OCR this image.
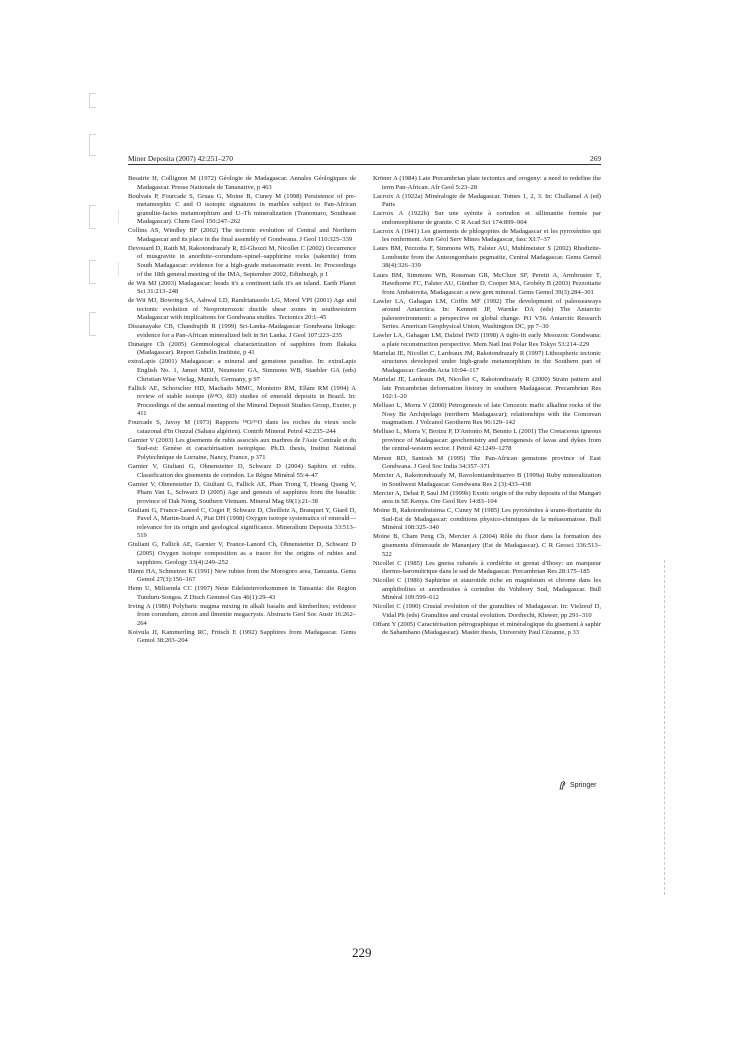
Miner Deposita (2007) 42:251–270	269

Besairie H, Collignon M (1972) Géologie de Madagascar. Annales Géologiques de Madagascar. Presse Nationale de Tananarive, p 463

Boulvais P, Fourcade S, Gruau G, Moine B, Cuney M (1998) Persistence of pre-metamorphic C and O isotopic signatures in marbles subject to Pan-African granulite-facies metamorphism and U–Th mineralization (Tranomaro, Southeast Madagascar). Chem Geol 150:247–262

Collins AS, Windley BF (2002) The tectonic evolution of Central and Northern Madagascar and its place in the final assembly of Gondwana. J Geol 110:325–339

Devouard D, Raith M, Rakotondrazafy R, El-Ghozzi M, Nicollet C (2002) Occurrence of musgravite in anorthite–corundum–spinel–sapphirine rocks (sakenite) from South Madagascar: evidence for a high-grade metasomatic event. In: Proceedings of the 18th general meeting of the IMA, September 2002, Edinburgh, p 1

de Wit MJ (2003) Madagascar: heads it's a continent tails it's an island. Earth Planet Sci 31:213–248

de Wit MJ, Bowring SA, Ashwal LD, Randrianasolo LG, Morel VPI (2001) Age and tectonic evolution of Neoproterozoic ductile shear zones in southwestern Madagascar with implications for Gondwana studies. Tectonics 20:1–45

Dissanayake CB, Chandrajith R (1999) Sri-Lanka–Madagascar Gondwana linkage: evidence for a Pan-African mineralized belt in Sri Lanka. J Geol 107:223–235

Dunaigre Ch (2005) Gemmological characterization of sapphires from Ilakaka (Madagascar). Report Gubelin Institute, p 41

extraLapis (2001) Madagascar: a mineral and gemstone paradise. In: extraLapis English No. 1, Jamot MDJ, Neumeier GA, Simmons WB, Staebler GA (eds) Christian Wise Verlag, Munich, Germany, p 97

Fallick AE, Schorscher HD, Machado MMC, Monteiro RM, Ellam RM (1994) A review of stable isotope (δ¹⁸O, δD) studies of emerald deposits in Brazil. In: Proceedings of the annual meeting of the Mineral Deposit Studies Group, Exeter, p 411

Fourcade S, Javoy M (1973) Rapports ¹⁸O/¹⁶O dans les roches du vieux socle catazonal d'In Ouzzal (Sahara algérien). Contrib Mineral Petrol 42:235–244

Garnier V (2003) Les gisements de rubis associés aux marbres de l'Asie Centrale et du Sud-est: Genèse et caractérisation isotopique. Ph.D. thesis, Institut National Polytechnique de Lorraine, Nancy, France, p 371

Garnier V, Giuliani G, Ohnenstetter D, Schwarz D (2004) Saphirs et rubis. Classification des gisements de corindon. Le Règne Minéral 55:4–47

Garnier V, Ohnenstetter D, Giuliani G, Fallick AE, Phan Trong T, Hoang Quang V, Pham Van L, Schwarz D (2005) Age and genesis of sapphires from the basaltic province of Dak Nong, Southern Vietnam. Mineral Mag 69(1):21–38

Giuliani G, France-Lanord C, Coget P, Schwarz D, Cheilletz A, Branquet Y, Giard D, Pavel A, Martin-Izard A, Piat DH (1998) Oxygen isotope systematics of emerald—relevance for its origin and geological significance. Mineralium Deposita 33:513–519

Giuliani G, Fallick AE, Garnier V, France-Lanord Ch, Ohnenstetter D, Schwarz D (2005) Oxygen isotope composition as a tracer for the origins of rubies and sapphires. Geology 33(4):249–252

Hänni HA, Schmetzer K (1991) New rubies from the Morogoro area, Tanzania. Gems Gemol 27(3):156–167

Henn U, Milisenda CC (1997) Neue Edelsteinvorkommen in Tansania: die Region Tunduru-Songea. Z Dtsch Gemmol Ges 46(1):29–43

Irving A (1986) Polybaric magma mixing in alkali basalts and kimberlites; evidence from corundum, zircon and ilmenite megacrysts. Abstracts Geol Soc Austr 16:262–264

Koivula JI, Kammerling RC, Fritsch E (1992) Sapphires from Madagascar. Gems Gemol 38:203–204

Kröner A (1984) Late Precambrian plate tectonics and orogeny: a need to redefine the term Pan-African. Afr Geol 5:23–28

Lacroix A (1922a) Minéralogie de Madagascar. Tomes 1, 2, 3. In: Challamel A (ed) Paris

Lacroix A (1922b) Sur une syénite à corindon et sillimanite formée par endomorphisme de granite. C R Acad Sci 174:899–904

Lacroix A (1941) Les gisements de phlogopites de Madagascar et les pyroxénites qui les renferment. Ann Géol Serv Mines Madagascar, fasc XI:7–37

Laurs BM, Pezzotta F, Simmons WB, Falster AU, Muhlmeister S (2002) Rhodizite-Londonite from the Antsongombato pegmatite, Central Madagascar. Gems Gemol 38(4):326–339

Laurs BM, Simmons WB, Rossman GR, McClure SF, Peretti A, Armbruster T, Hawthorne FC, Falster AU, Günther D, Cooper MA, Grobéty B (2003) Pezzottaite from Ambatovita, Madagascar: a new gem mineral. Gems Gemol 39(3):284–301

Lawler LA, Gahagan LM, Coffin MF (1992) The development of paleoseaways around Antarctica. In: Kennett JP, Warnke DA (eds) The Antarctic paleoenvironment: a perspective on global change. Pt1 V56. Antarctic Research Series. American Geophysical Union, Washington DC, pp 7–30

Lawler LA, Gahagan LM, Dalziel IWD (1998) A tight-fit early Mesozoic Gondwana: a plate reconstruction perspective. Mem Natl Inst Polar Res Tokyo 53:214–229

Martelat JE, Nicollet C, Lardeaux JM, Rakotondrazafy R (1997) Lithospheric tectonic structures developed under high-grade metamorphism in the Southern part of Madagascar. Geodin Acta 10:94–117

Martelat JE, Lardeaux JM, Nicollet C, Rakotondrazafy R (2000) Strain pattern and late Precambrian deformation history in southern Madagascar. Precambrian Res 102:1–20

Melluso L, Morra V (2000) Petrogenesis of late Cenozoic mafic alkaline rocks of the Nosy Be Archipelago (northern Madagascar); relationships with the Comorean magmatism. J Volcanol Geotherm Res 96:129–142

Melluso L, Morra V, Brotzu P, D'Antonio M, Bennio L (2001) The Cretaceous igneous province of Madagascar: geochemistry and petrogenesis of lavas and dykes from the central-western sector. J Petrol 42:1249–1278

Menon RD, Santosh M (1995) The Pan-African gemstone province of East Gondwana. J Geol Soc India 34:357–371

Mercier A, Rakotondrazafy M, Ravolomiandrinarivo B (1999a) Ruby mineralization in Southwest Madagascar. Gondwana Res 2 (3):433–438

Mercier A, Debat P, Saul JM (1999b) Exotic origin of the ruby deposits of the Mangari area in SE Kenya. Ore Geol Rev 14:83–104

Moine B, Rakotondratsima C, Cuney M (1985) Les pyroxénites à urano-thorianite du Sud-Est de Madagascar: conditions physico-chimiques de la métasomatose. Bull Minéral 108:325–340

Moine B, Cham Peng Ch, Mercier A (2004) Rôle du fluor dans la formation des gisements d'émeraude de Mananjary (Est de Madagascar). C R Geosci 336:513–522

Nicollet C (1985) Les gneiss rubanés à cordiérite et grenat d'Ihosy: un marqueur thermo-barométrique dans le sud de Madagascar. Precambrian Res 28:175–185

Nicollet C (1986) Saphirine et staurotide riche en magnésium et chrome dans les amphibolites et anorthosites à corindon du Vohibory Sud, Madagascar. Bull Minéral 109:599–612

Nicollet C (1990) Crustal evolution of the granulites of Madagascar. In: Vielzeuf D, Vidal Ph (eds) Granulites and crustal evolution. Dordrecht, Kluwer, pp 291–310

Offant Y (2005) Caractérisation pétrographique et minéralogique du gisement à saphir de Sahambano (Madagascar). Master thesis, University Paul Cézanne, p 33

Springer
229
